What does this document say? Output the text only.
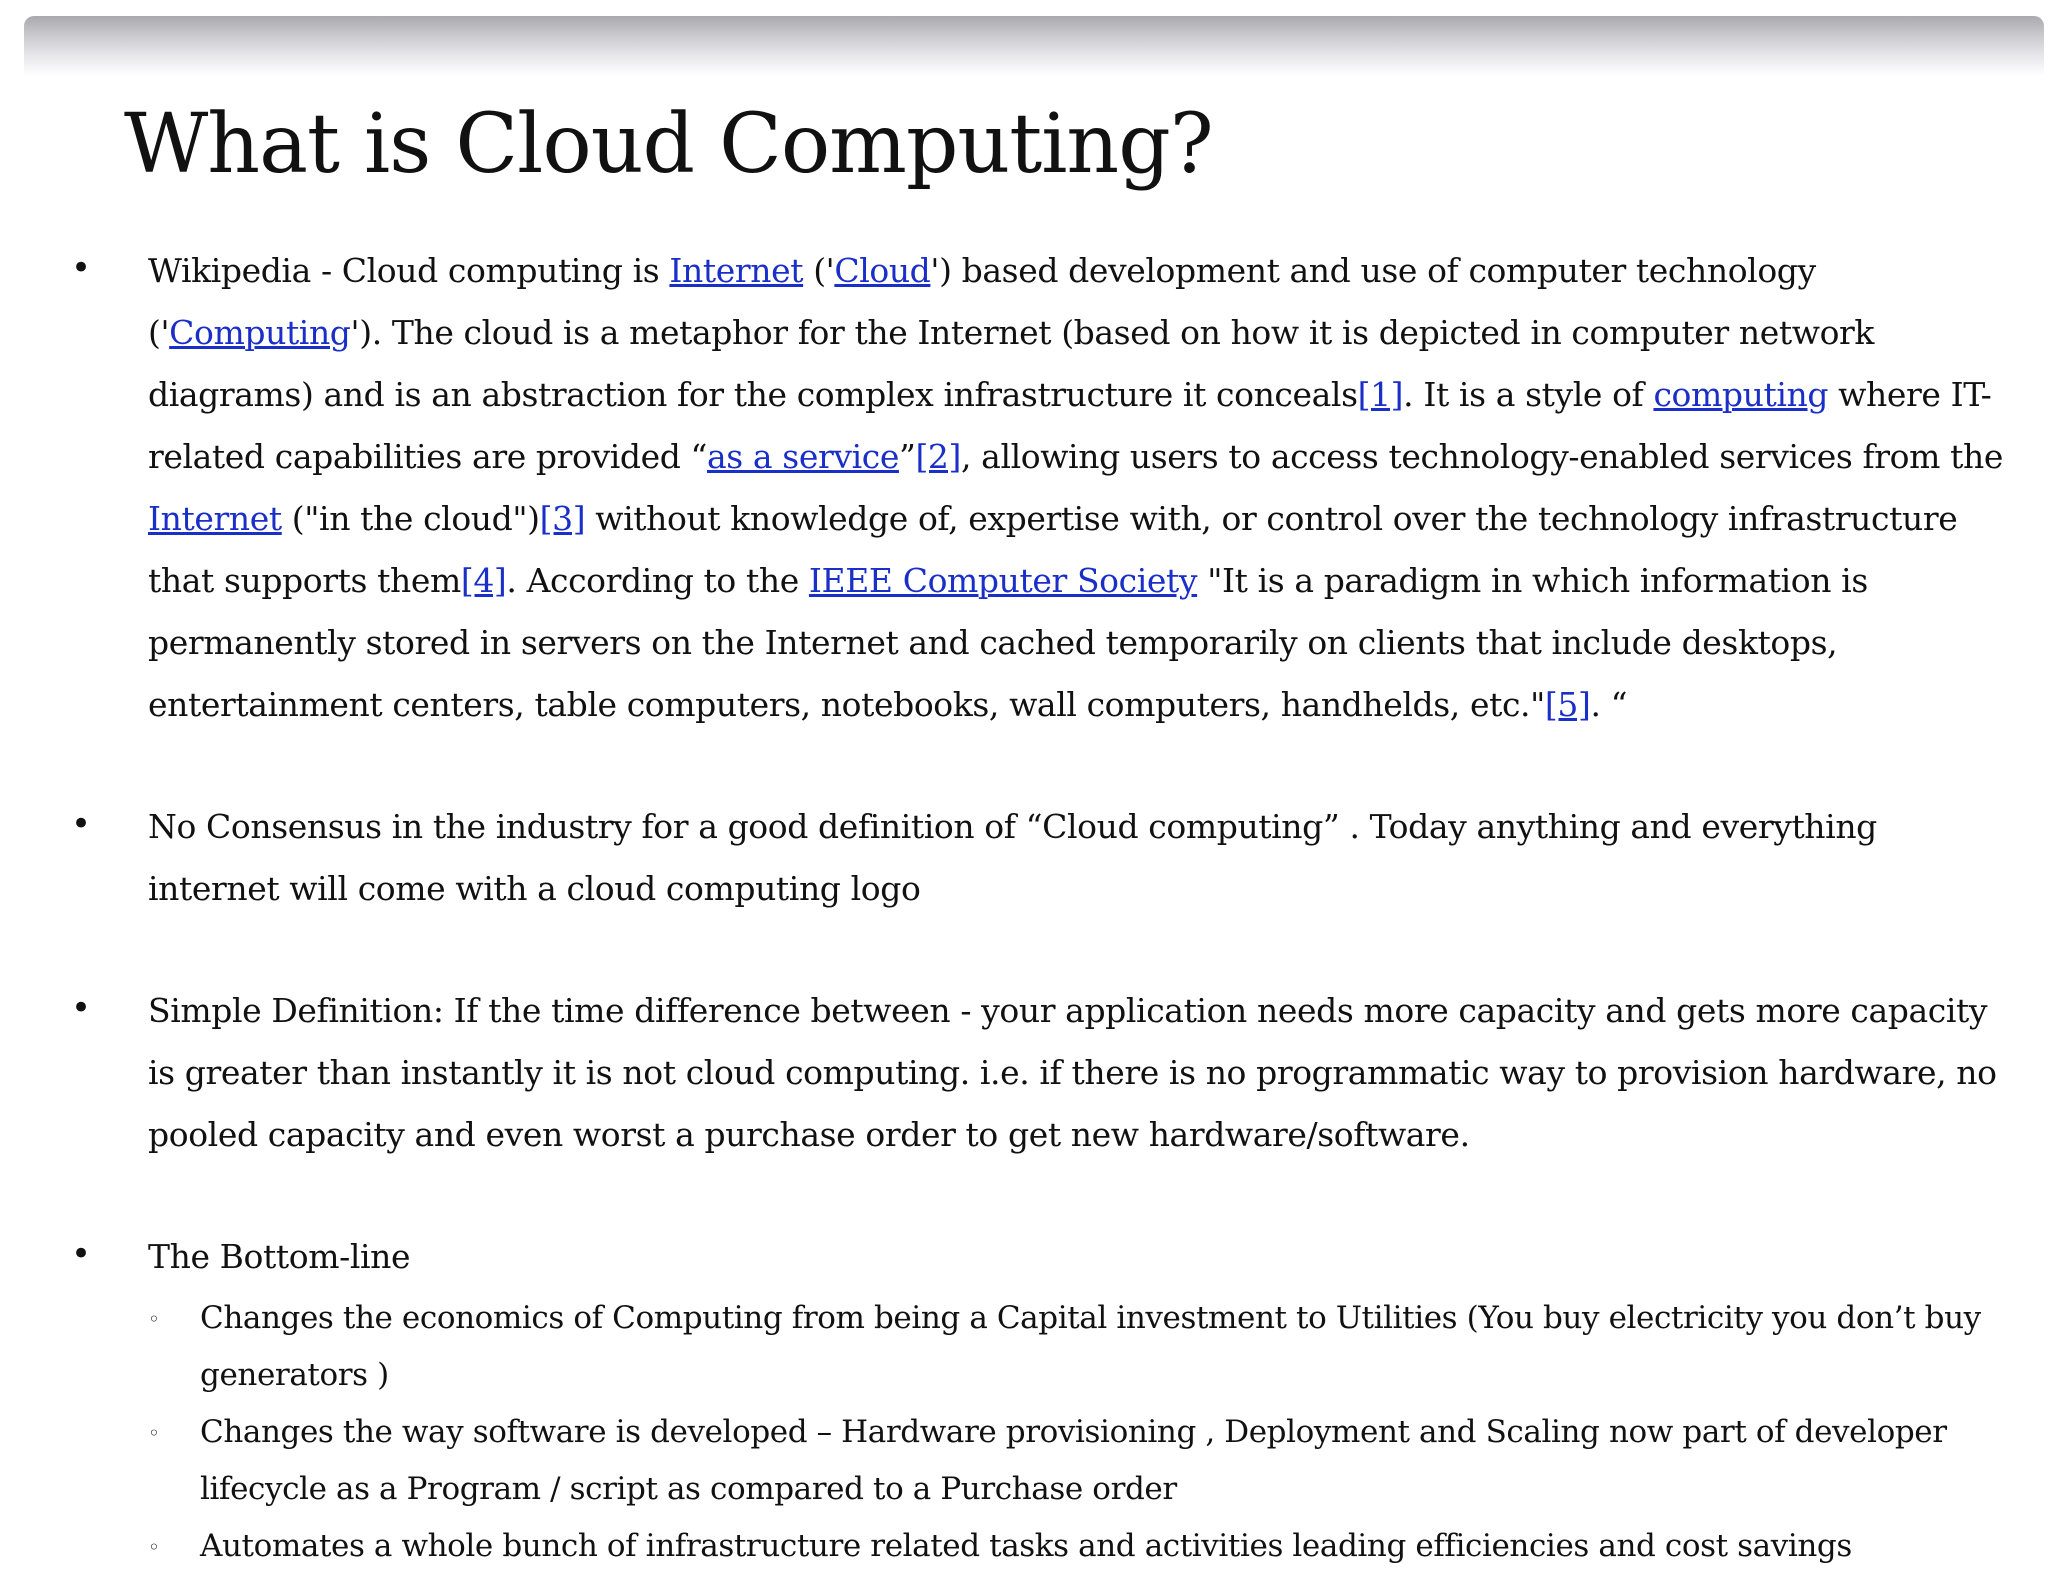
What is Cloud Computing?
• Wikipedia - Cloud computing is Internet ('Cloud') based development and use of computer technology ('Computing'). The cloud is a metaphor for the Internet (based on how it is depicted in computer network diagrams) and is an abstraction for the complex infrastructure it conceals[1]. It is a style of computing where IT-related capabilities are provided “as a service”[2], allowing users to access technology-enabled services from the Internet ("in the cloud")[3] without knowledge of, expertise with, or control over the technology infrastructure that supports them[4]. According to the IEEE Computer Society "It is a paradigm in which information is permanently stored in servers on the Internet and cached temporarily on clients that include desktops, entertainment centers, table computers, notebooks, wall computers, handhelds, etc."[5]. “
• No Consensus in the industry for a good definition of “Cloud computing” . Today anything and everything internet will come with a cloud computing logo
• Simple Definition: If the time difference between - your application needs more capacity and gets more capacity is greater than instantly it is not cloud computing. i.e. if there is no programmatic way to provision hardware, no pooled capacity and even worst a purchase order to get new hardware/software.
• The Bottom-line
◦ Changes the economics of Computing from being a Capital investment to Utilities (You buy electricity you don’t buy generators )
◦ Changes the way software is developed – Hardware provisioning , Deployment and Scaling now part of developer lifecycle as a Program / script as compared to a Purchase order
◦ Automates a whole bunch of infrastructure related tasks and activities leading efficiencies and cost savings
